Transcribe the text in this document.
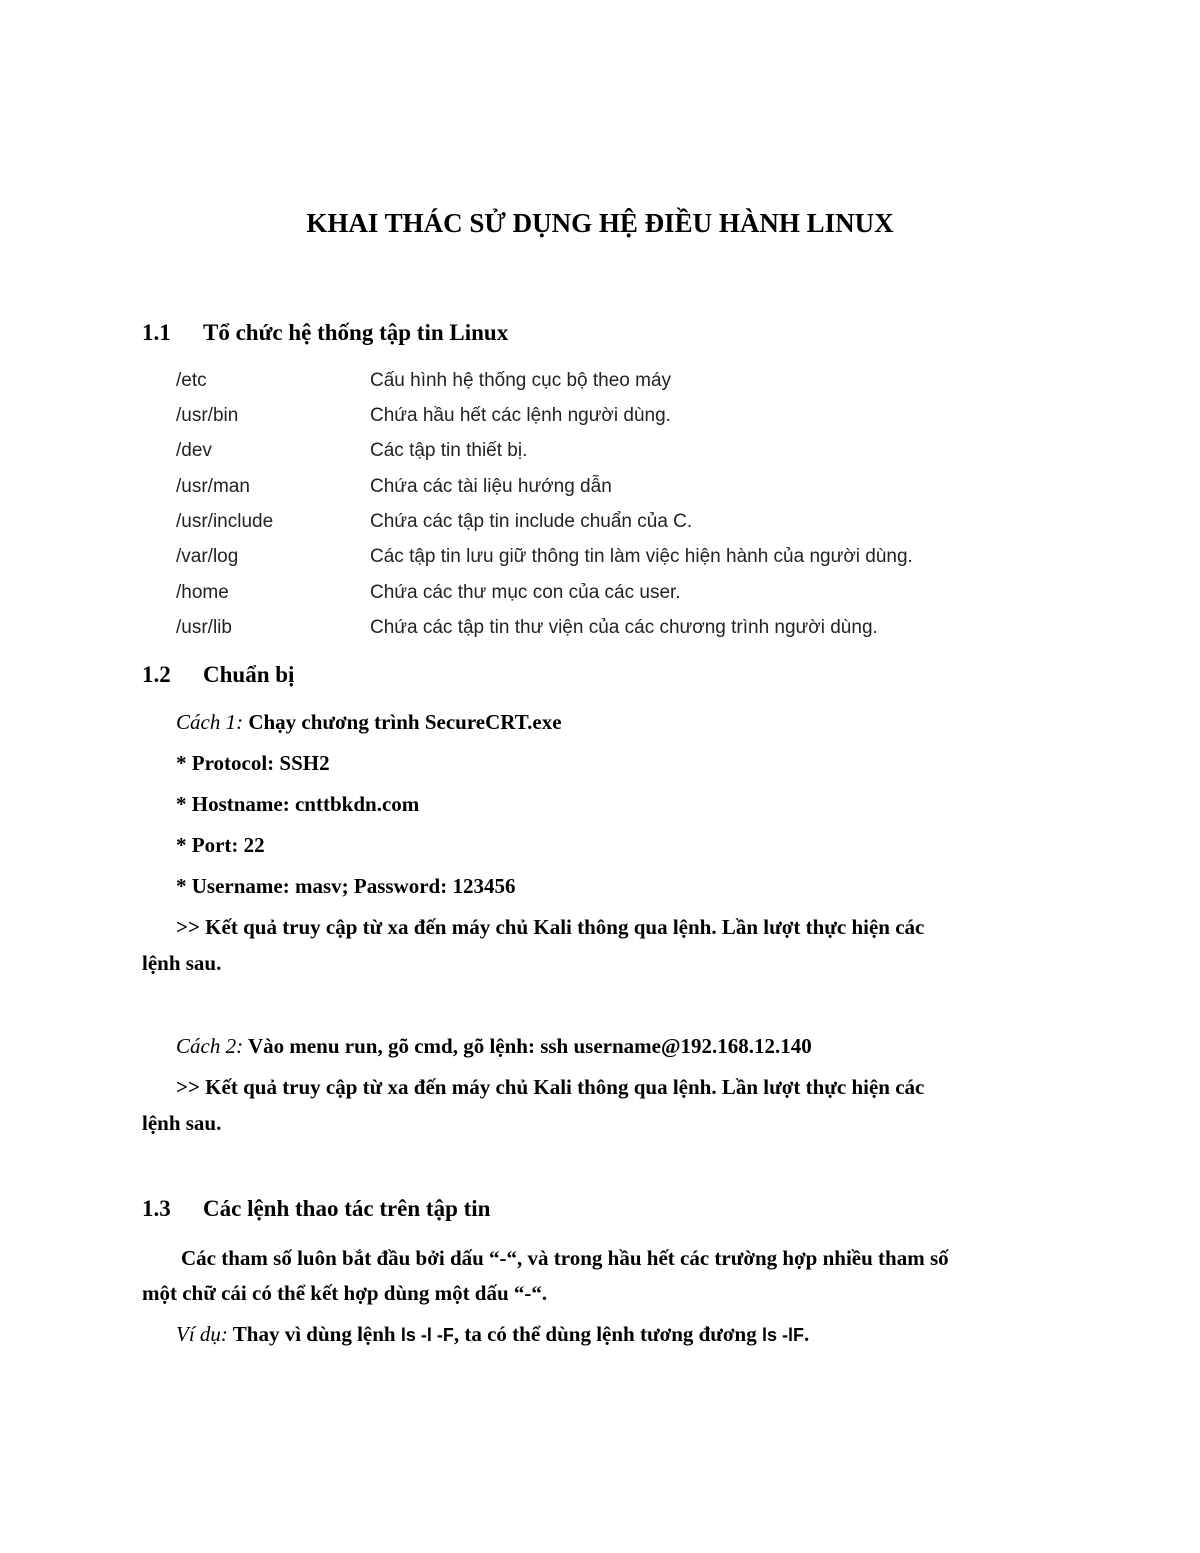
KHAI THÁC SỬ DỤNG HỆ ĐIỀU HÀNH LINUX
1.1 Tổ chức hệ thống tập tin Linux
/etc	Cấu hình hệ thống cục bộ theo máy
/usr/bin	Chứa hầu hết các lệnh người dùng.
/dev	Các tập tin thiết bị.
/usr/man	Chứa các tài liệu hướng dẫn
/usr/include	Chứa các tập tin include chuẩn của C.
/var/log	Các tập tin lưu giữ thông tin làm việc hiện hành của người dùng.
/home	Chứa các thư mục con của các user.
/usr/lib	Chứa các tập tin thư viện của các chương trình người dùng.
1.2 Chuẩn bị
Cách 1: Chạy chương trình SecureCRT.exe
* Protocol: SSH2
* Hostname: cnttbkdn.com
* Port: 22
* Username: masv; Password: 123456
>> Kết quả truy cập từ xa đến máy chủ Kali thông qua lệnh. Lần lượt thực hiện các
lệnh sau.
Cách 2: Vào menu run, gõ cmd, gõ lệnh: ssh username@192.168.12.140
>> Kết quả truy cập từ xa đến máy chủ Kali thông qua lệnh. Lần lượt thực hiện các
lệnh sau.
1.3 Các lệnh thao tác trên tập tin
Các tham số luôn bắt đầu bởi dấu “-“, và trong hầu hết các trường hợp nhiều tham số
một chữ cái có thể kết hợp dùng một dấu “-“.
Ví dụ: Thay vì dùng lệnh ls -l -F, ta có thể dùng lệnh tương đương ls -lF.
